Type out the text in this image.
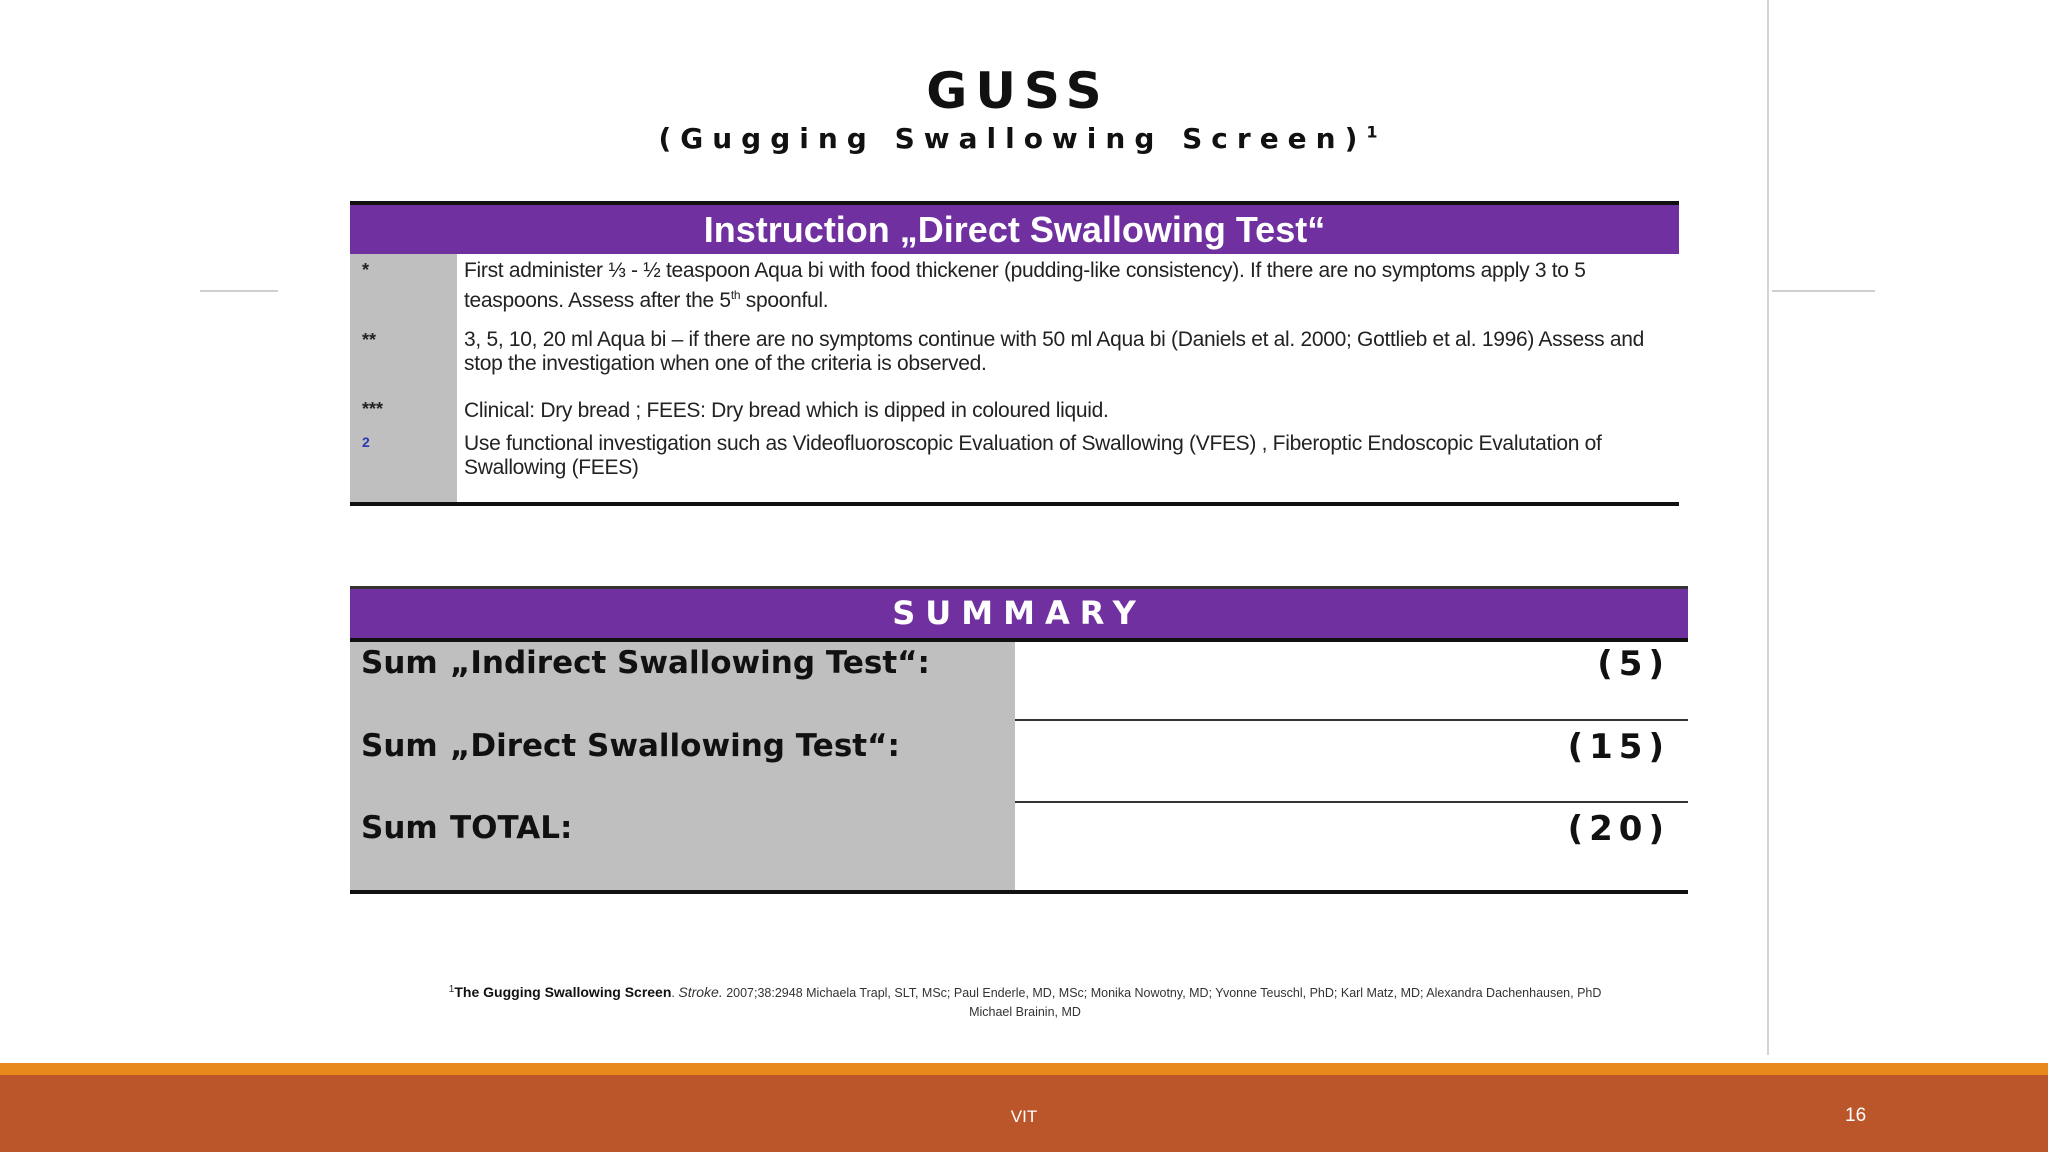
GUSS
(Gugging Swallowing Screen)$^1$
Instruction „Direct Swallowing Test“
*	First administer ⅓ - ½ teaspoon Aqua bi with food thickener (pudding-like consistency). If there are no symptoms apply 3 to 5 teaspoons. Assess after the 5th spoonful.
**	3, 5, 10, 20 ml Aqua bi – if there are no symptoms continue with 50 ml Aqua bi (Daniels et al. 2000; Gottlieb et al. 1996) Assess and stop the investigation when one of the criteria is observed.
***	Clinical: Dry bread ; FEES: Dry bread which is dipped in coloured liquid.
2	Use functional investigation such as Videofluoroscopic Evaluation of Swallowing (VFES) , Fiberoptic Endoscopic Evalutation of Swallowing (FEES)
SUMMARY
Sum „Indirect Swallowing Test“:	(5)
Sum „Direct Swallowing Test“:	(15)
Sum TOTAL:	(20)
$^1$The Gugging Swallowing Screen. Stroke. 2007;38:2948 Michaela Trapl, SLT, MSc; Paul Enderle, MD, MSc; Monika Nowotny, MD; Yvonne Teuschl, PhD; Karl Matz, MD; Alexandra Dachenhausen, PhD Michael Brainin, MD
VIT	16
